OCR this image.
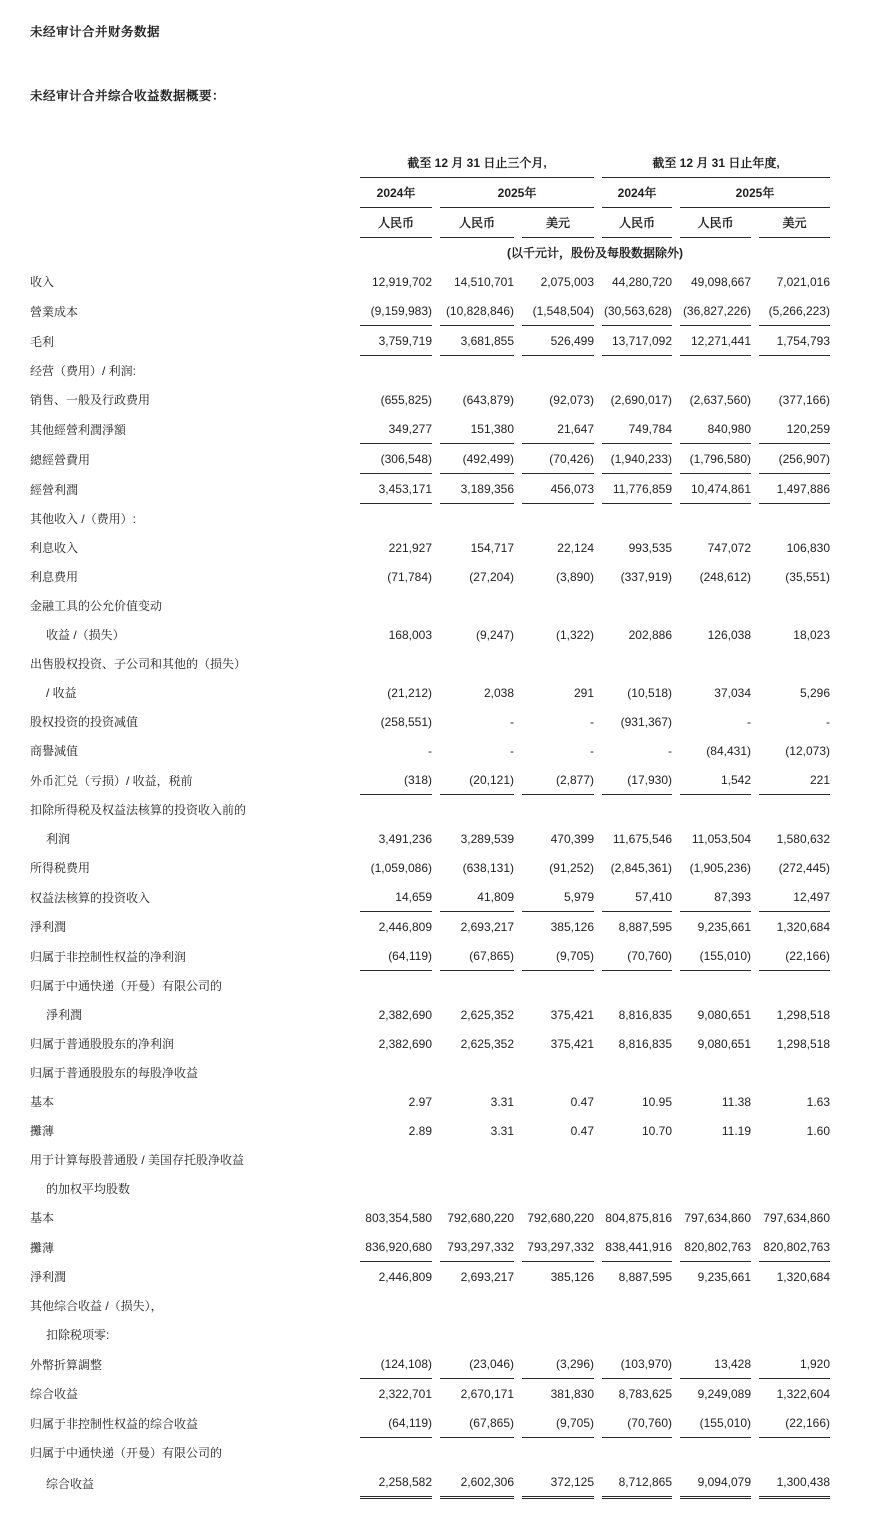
未经审计合并财务数据
未经审计合并综合收益数据概要：
	截至 12 月 31 日止三个月,			截至 12 月 31 日止年度,		
	2024年	2025年		2024年	2025年	
	人民币	人民币	美元	人民币	人民币	美元
	(以千元计，股份及每股数据除外)					
收入	12,919,702	14,510,701	2,075,003	44,280,720	49,098,667	7,021,016
營業成本	(9,159,983)	(10,828,846)	(1,548,504)	(30,563,628)	(36,827,226)	(5,266,223)
毛利	3,759,719	3,681,855	526,499	13,717,092	12,271,441	1,754,793
经营（费用）/ 利润:						
销售、一般及行政费用	(655,825)	(643,879)	(92,073)	(2,690,017)	(2,637,560)	(377,166)
其他經營利潤淨額	349,277	151,380	21,647	749,784	840,980	120,259
總經營費用	(306,548)	(492,499)	(70,426)	(1,940,233)	(1,796,580)	(256,907)
經營利潤	3,453,171	3,189,356	456,073	11,776,859	10,474,861	1,497,886
其他收入 /（费用）:						
利息收入	221,927	154,717	22,124	993,535	747,072	106,830
利息费用	(71,784)	(27,204)	(3,890)	(337,919)	(248,612)	(35,551)
金融工具的公允价值变动						
收益 /（损失）	168,003	(9,247)	(1,322)	202,886	126,038	18,023
出售股权投资、子公司和其他的（损失）						
/ 收益	(21,212)	2,038	291	(10,518)	37,034	5,296
股权投资的投资减值	(258,551)	-	-	(931,367)	-	-
商譽減值	-	-	-	-	(84,431)	(12,073)
外币汇兑（亏损）/ 收益，税前	(318)	(20,121)	(2,877)	(17,930)	1,542	221
扣除所得税及权益法核算的投资收入前的						
利润	3,491,236	3,289,539	470,399	11,675,546	11,053,504	1,580,632
所得税费用	(1,059,086)	(638,131)	(91,252)	(2,845,361)	(1,905,236)	(272,445)
权益法核算的投资收入	14,659	41,809	5,979	57,410	87,393	12,497
淨利潤	2,446,809	2,693,217	385,126	8,887,595	9,235,661	1,320,684
归属于非控制性权益的净利润	(64,119)	(67,865)	(9,705)	(70,760)	(155,010)	(22,166)
归属于中通快递（开曼）有限公司的						
淨利潤	2,382,690	2,625,352	375,421	8,816,835	9,080,651	1,298,518
归属于普通股股东的净利润	2,382,690	2,625,352	375,421	8,816,835	9,080,651	1,298,518
归属于普通股股东的每股净收益						
基本	2.97	3.31	0.47	10.95	11.38	1.63
攤薄	2.89	3.31	0.47	10.70	11.19	1.60
用于计算每股普通股 / 美国存托股净收益						
的加权平均股数						
基本	803,354,580	792,680,220	792,680,220	804,875,816	797,634,860	797,634,860
攤薄	836,920,680	793,297,332	793,297,332	838,441,916	820,802,763	820,802,763
淨利潤	2,446,809	2,693,217	385,126	8,887,595	9,235,661	1,320,684
其他综合收益 /（损失），						
扣除税项零:						
外幣折算調整	(124,108)	(23,046)	(3,296)	(103,970)	13,428	1,920
综合收益	2,322,701	2,670,171	381,830	8,783,625	9,249,089	1,322,604
归属于非控制性权益的综合收益	(64,119)	(67,865)	(9,705)	(70,760)	(155,010)	(22,166)
归属于中通快递（开曼）有限公司的						
综合收益	2,258,582	2,602,306	372,125	8,712,865	9,094,079	1,300,438
